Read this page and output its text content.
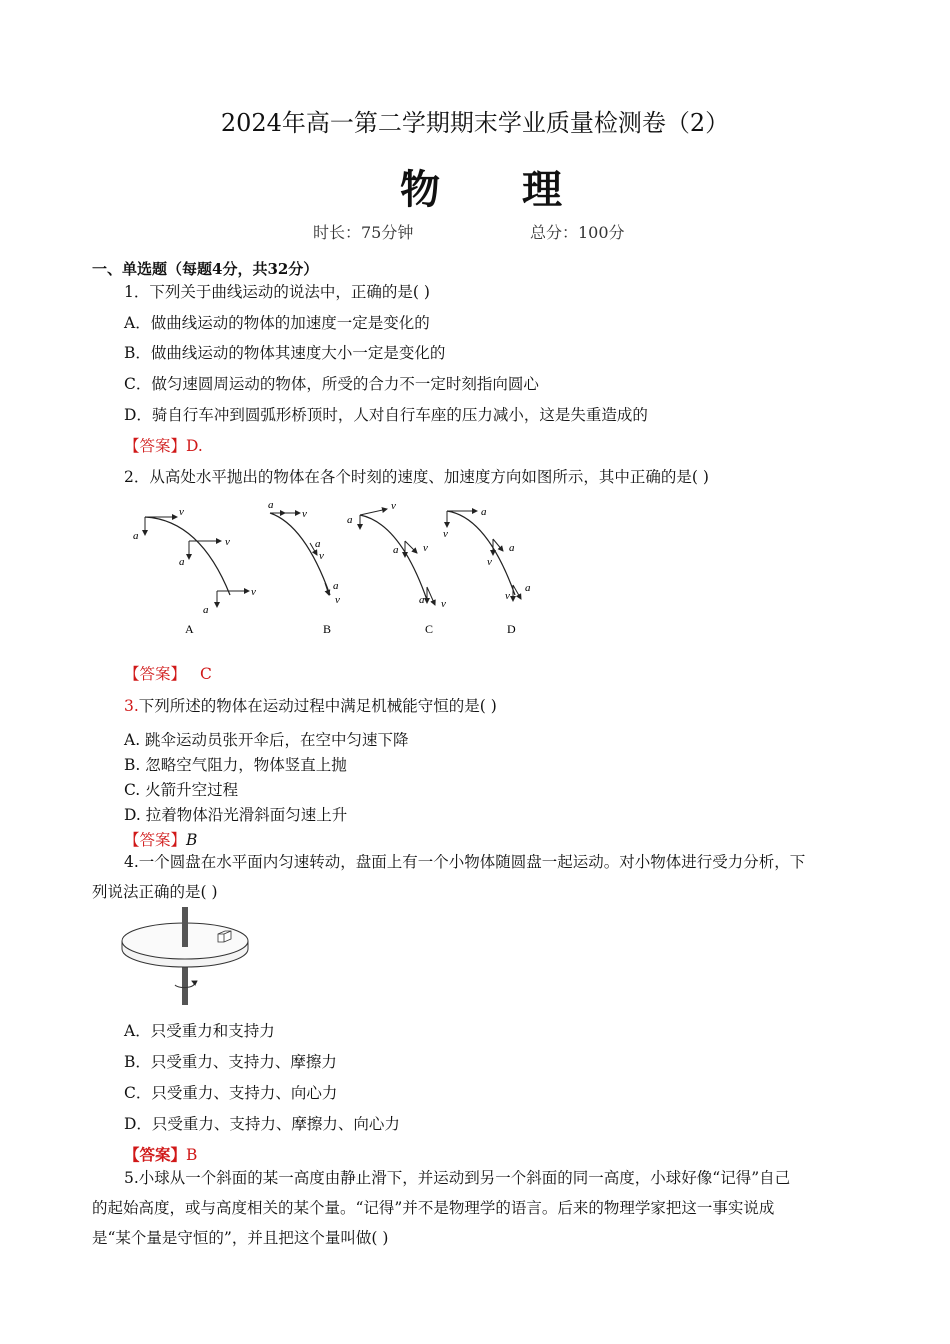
2024年高一第二学期期末学业质量检测卷（2）
物 理
时长：75分钟	总分：100分
一、单选题（每题4分，共32分）
1．下列关于曲线运动的说法中，正确的是( )
A．做曲线运动的物体的加速度一定是变化的
B．做曲线运动的物体其速度大小一定是变化的
C．做匀速圆周运动的物体，所受的合力不一定时刻指向圆心
D．骑自行车冲到圆弧形桥顶时，人对自行车座的压力减小，这是失重造成的
【答案】D.
2．从高处水平抛出的物体在各个时刻的速度、加速度方向如图所示，其中正确的是( )
v
a	v
a
v
a
A
a
v
v
a
a
v
B
v
a
a v
a v
C
a
v
v
a
v
a
D
【答案】 C
3.下列所述的物体在运动过程中满足机械能守恒的是( )
A. 跳伞运动员张开伞后，在空中匀速下降
B. 忽略空气阻力，物体竖直上抛
C. 火箭升空过程
D. 拉着物体沿光滑斜面匀速上升
【答案】B
4.一个圆盘在水平面内匀速转动，盘面上有一个小物体随圆盘一起运动。对小物体进行受力分析，下
列说法正确的是( )
A．只受重力和支持力
B．只受重力、支持力、摩擦力
C．只受重力、支持力、向心力
D．只受重力、支持力、摩擦力、向心力
【答案】B
5.小球从一个斜面的某一高度由静止滑下，并运动到另一个斜面的同一高度，小球好像“记得”自己
的起始高度，或与高度相关的某个量。“记得”并不是物理学的语言。后来的物理学家把这一事实说成
是“某个量是守恒的”，并且把这个量叫做( )
